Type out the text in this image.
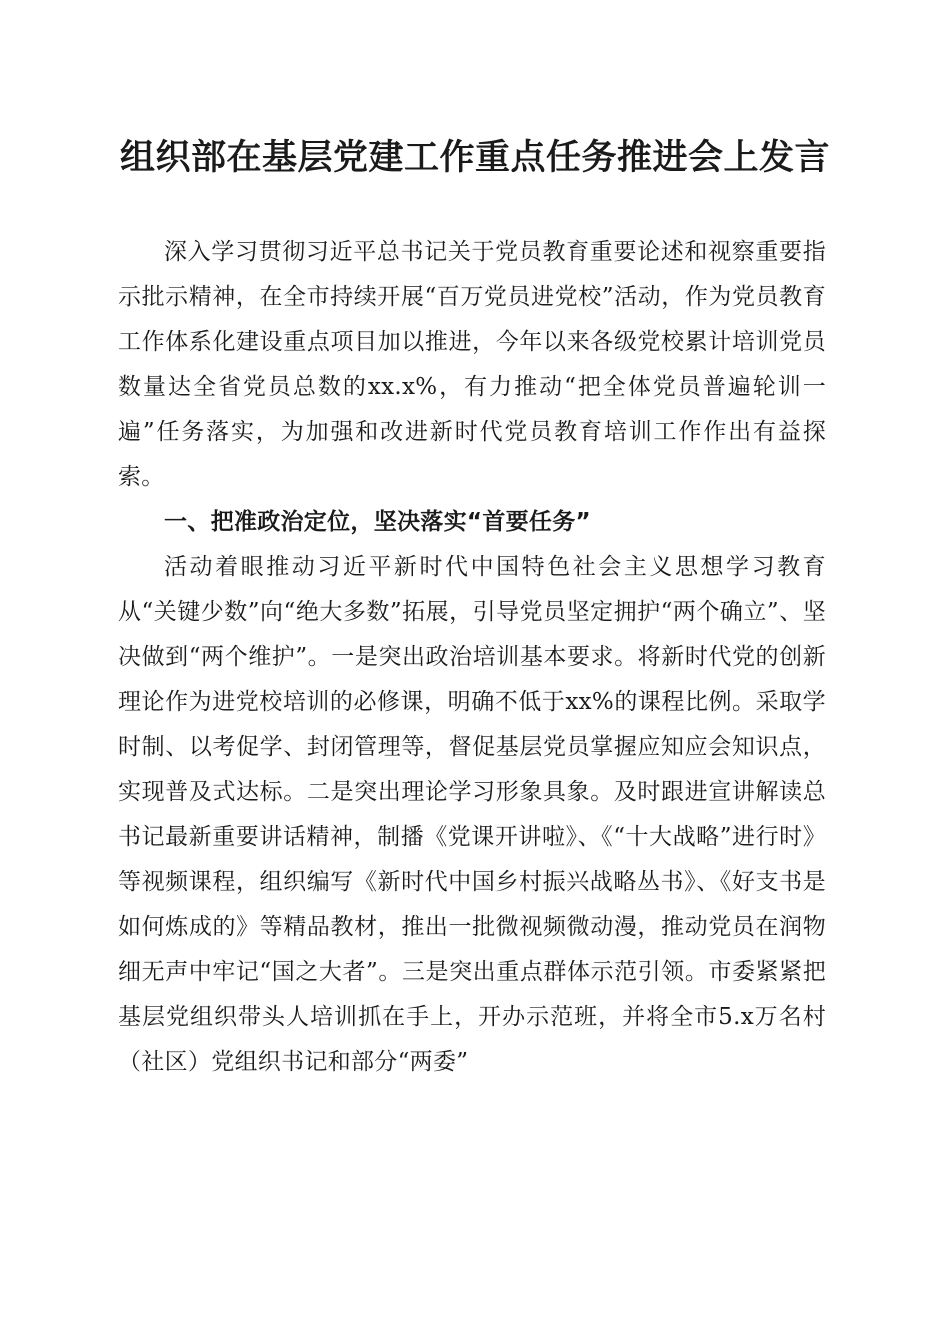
组织部在基层党建工作重点任务推进会上发言

深入学习贯彻习近平总书记关于党员教育重要论述和视察重要指示批示精神，在全市持续开展“百万党员进党校”活动，作为党员教育工作体系化建设重点项目加以推进，今年以来各级党校累计培训党员数量达全省党员总数的xx.x%，有力推动“把全体党员普遍轮训一遍”任务落实，为加强和改进新时代党员教育培训工作作出有益探索。

一、把准政治定位，坚决落实“首要任务”

活动着眼推动习近平新时代中国特色社会主义思想学习教育从“关键少数”向“绝大多数”拓展，引导党员坚定拥护“两个确立”、坚决做到“两个维护”。一是突出政治培训基本要求。将新时代党的创新理论作为进党校培训的必修课，明确不低于xx%的课程比例。采取学时制、以考促学、封闭管理等，督促基层党员掌握应知应会知识点，实现普及式达标。二是突出理论学习形象具象。及时跟进宣讲解读总书记最新重要讲话精神，制播《党课开讲啦》、《“十大战略”进行时》等视频课程，组织编写《新时代中国乡村振兴战略丛书》、《好支书是如何炼成的》等精品教材，推出一批微视频微动漫，推动党员在润物细无声中牢记“国之大者”。三是突出重点群体示范引领。市委紧紧把基层党组织带头人培训抓在手上，开办示范班，并将全市5.x万名村（社区）党组织书记和部分“两委”
